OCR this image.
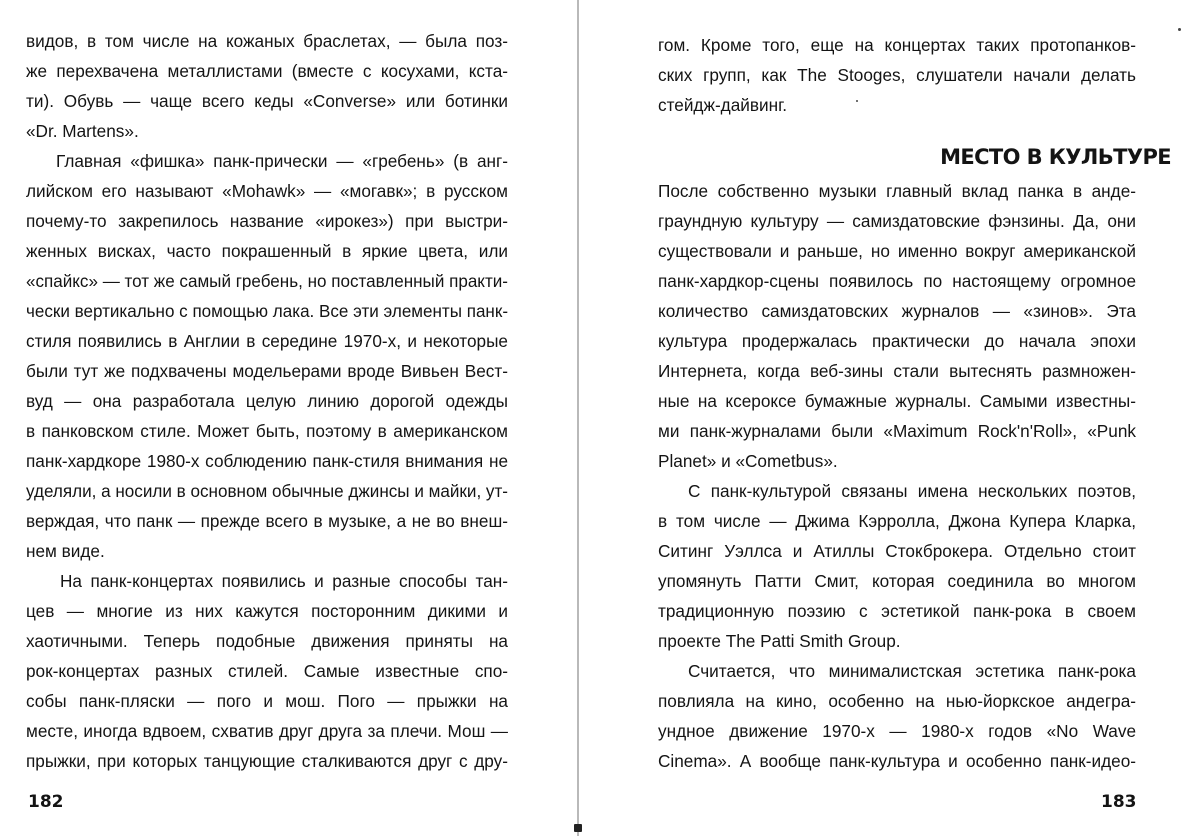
видов, в том числе на кожаных браслетах, — была поз-
же перехвачена металлистами (вместе с косухами, кста-
ти). Обувь — чаще всего кеды «Converse» или ботинки
«Dr. Martens».
Главная «фишка» панк-прически — «гребень» (в анг-
лийском его называют «Mohawk» — «могавк»; в русском
почему-то закрепилось название «ирокез») при выстри-
женных висках, часто покрашенный в яркие цвета, или
«спайкс» — тот же самый гребень, но поставленный практи-
чески вертикально с помощью лака. Все эти элементы панк-
стиля появились в Англии в середине 1970-х, и некоторые
были тут же подхвачены модельерами вроде Вивьен Вест-
вуд — она разработала целую линию дорогой одежды
в панковском стиле. Может быть, поэтому в американском
панк-хардкоре 1980-х соблюдению панк-стиля внимания не
уделяли, а носили в основном обычные джинсы и майки, ут-
верждая, что панк — прежде всего в музыке, а не во внеш-
нем виде.
На панк-концертах появились и разные способы тан-
цев — многие из них кажутся посторонним дикими и
хаотичными. Теперь подобные движения приняты на
рок-концертах разных стилей. Самые известные спо-
собы панк-пляски — пого и мош. Пого — прыжки на
месте, иногда вдвоем, схватив друг друга за плечи. Мош —
прыжки, при которых танцующие сталкиваются друг с дру-
182
гом. Кроме того, еще на концертах таких протопанков-
ских групп, как The Stooges, слушатели начали делать
стейдж-дайвинг.
МЕСТО В КУЛЬТУРЕ
После собственно музыки главный вклад панка в анде-
граундную культуру — самиздатовские фэнзины. Да, они
существовали и раньше, но именно вокруг американской
панк-хардкор-сцены появилось по настоящему огромное
количество самиздатовских журналов — «зинов». Эта
культура продержалась практически до начала эпохи
Интернета, когда веб-зины стали вытеснять размножен-
ные на ксероксе бумажные журналы. Самыми известны-
ми панк-журналами были «Maximum Rock'n'Roll», «Punk
Planet» и «Cometbus».
С панк-культурой связаны имена нескольких поэтов,
в том числе — Джима Кэрролла, Джона Купера Кларка,
Ситинг Уэллса и Атиллы Стокброкера. Отдельно стоит
упомянуть Патти Смит, которая соединила во многом
традиционную поэзию с эстетикой панк-рока в своем
проекте The Patti Smith Group.
Считается, что минималистская эстетика панк-рока
повлияла на кино, особенно на нью-йоркское андегра-
ундное движение 1970-х — 1980-х годов «No Wave
Cinema». А вообще панк-культура и особенно панк-идео-
183
